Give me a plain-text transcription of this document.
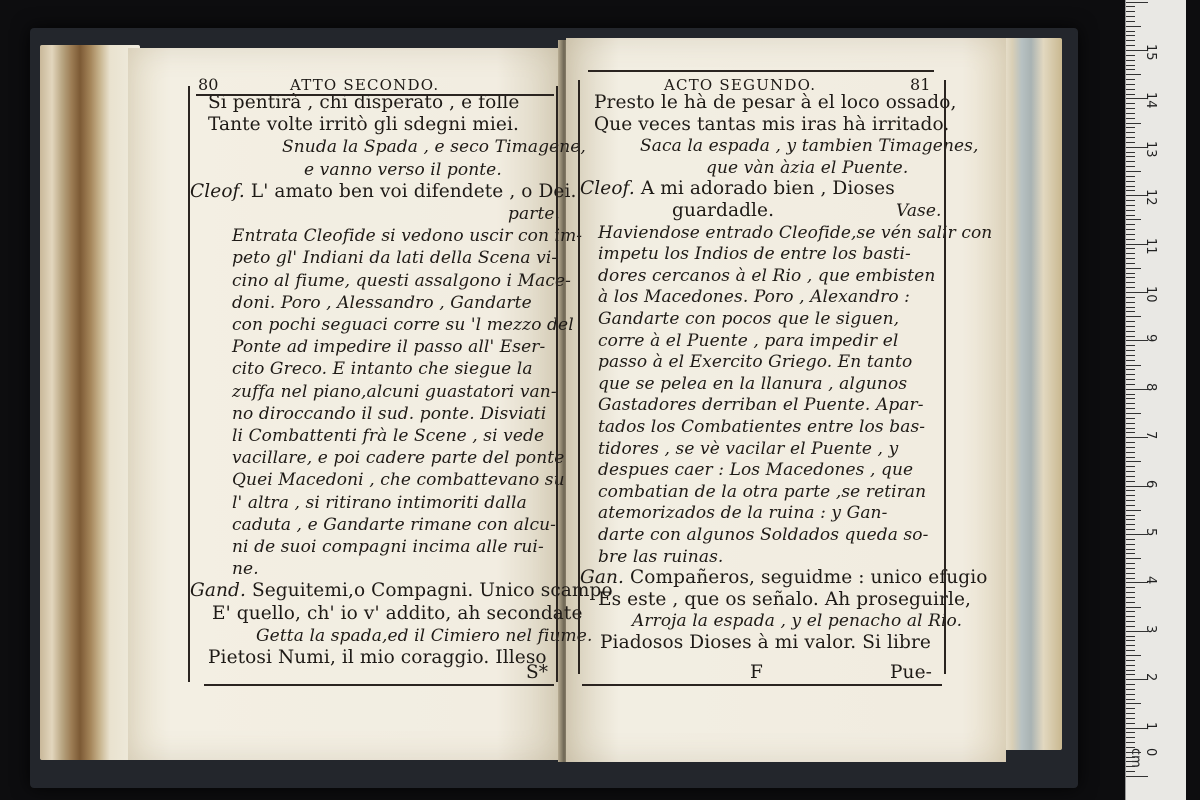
Si pentirà , chi disperato , e folle
Tante volte irritò gli sdegni miei.
Snuda la Spada , e seco Timagene,
e vanno verso il ponte.
Cleof. L' amato ben voi difendete , o Dei.
parte.
Entrata Cleofide si vedono uscir con im-
peto gl' Indiani da lati della Scena vi-
cino al fiume, questi assalgono i Mace-
doni. Poro , Alessandro , Gandarte
con pochi seguaci corre su 'l mezzo del
Ponte ad impedire il passo all' Eser-
cito Greco. E intanto che siegue la
zuffa nel piano,alcuni guastatori van-
no diroccando il sud. ponte. Disviati
li Combattenti frà le Scene , si vede
vacillare, e poi cadere parte del ponte
Quei Macedoni , che combattevano su
l' altra , si ritirano intimoriti dalla
caduta , e Gandarte rimane con alcu-
ni de suoi compagni incima alle rui-
ne.
Gand. Seguitemi,o Compagni. Unico scampo
E' quello, ch' io v' addito, ah secondate
Getta la spada,ed il Cimiero nel fiume.
Pietosi Numi, il mio coraggio. Illeso
Presto le hà de pesar à el loco ossado,
Que veces tantas mis iras hà irritado.
Saca la espada , y tambien Timagenes,
que vàn àzia el Puente.
Cleof. A mi adorado bien , Dioses
guardadle.	Vase.
Haviendose entrado Cleofide,se vén salir con
impetu los Indios de entre los basti-
dores cercanos à el Rio , que embisten
à los Macedones. Poro , Alexandro :
Gandarte con pocos que le siguen,
corre à el Puente , para impedir el
passo à el Exercito Griego. En tanto
que se pelea en la llanura , algunos
Gastadores derriban el Puente. Apar-
tados los Combatientes entre los bas-
tidores , se vè vacilar el Puente , y
despues caer : Los Macedones , que
combatian de la otra parte ,se retiran
atemorizados de la ruina : y Gan-
darte con algunos Soldados queda so-
bre las ruinas.
Gan. Compañeros, seguidme : unico efugio
Es este , que os señalo. Ah proseguirle,
Arroja la espada , y el penacho al Rio.
Piadosos Dioses à mi valor. Si libre
80	ATTO SECONDO.	ACTO SEGUNDO.	81
S*	F	Pue-
0 cm
1
2
3
4
5
6
7
8
9
10
11
12
13
14
15
